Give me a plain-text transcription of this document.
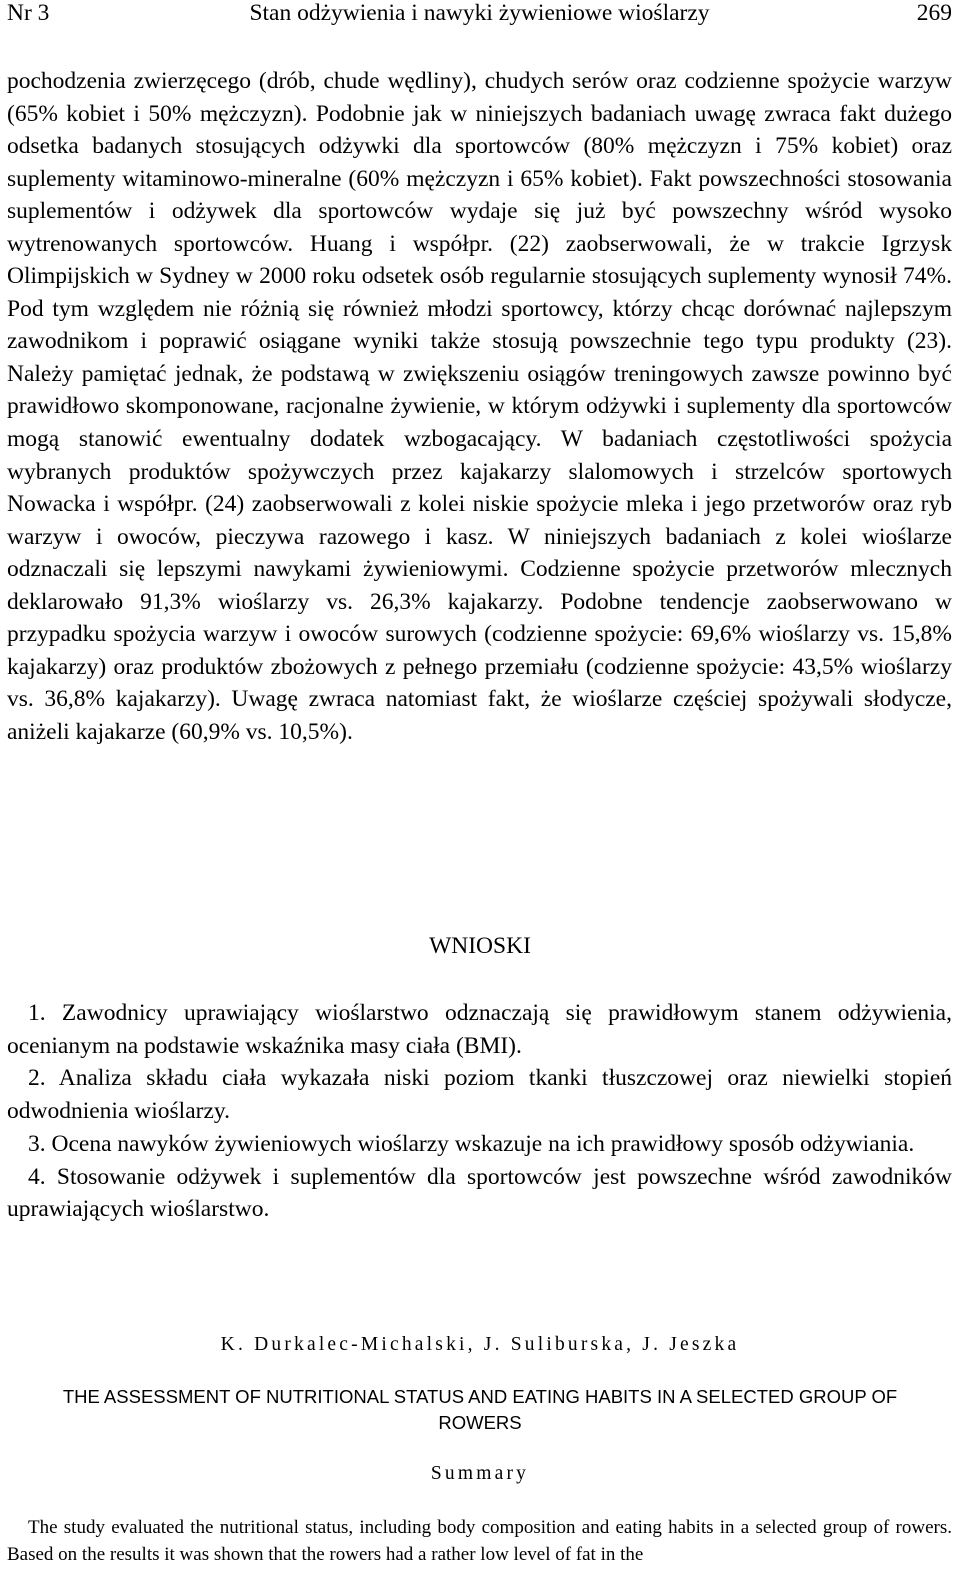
Nr 3	Stan odżywienia i nawyki żywieniowe wioślarzy	269

pochodzenia zwierzęcego (drób, chude wędliny), chudych serów oraz codzienne spożycie warzyw (65% kobiet i 50% mężczyzn). Podobnie jak w niniejszych badaniach uwagę zwraca fakt dużego odsetka badanych stosujących odżywki dla sportowców (80% mężczyzn i 75% kobiet) oraz suplementy witaminowo-mineralne (60% mężczyzn i 65% kobiet). Fakt powszechności stosowania suplementów i odżywek dla sportowców wydaje się już być powszechny wśród wysoko wytrenowanych sportowców. Huang i współpr. (22) zaobserwowali, że w trakcie Igrzysk Olimpijskich w Sydney w 2000 roku odsetek osób regularnie stosujących suplementy wynosił 74%. Pod tym względem nie różnią się również młodzi sportowcy, którzy chcąc dorównać najlepszym zawodnikom i poprawić osiągane wyniki także stosują powszechnie tego typu produkty (23). Należy pamiętać jednak, że podstawą w zwiększeniu osiągów treningowych zawsze powinno być prawidłowo skomponowane, racjonalne żywienie, w którym odżywki i suplementy dla sportowców mogą stanowić ewentualny dodatek wzbogacający. W badaniach częstotliwości spożycia wybranych produktów spożywczych przez kajakarzy slalomowych i strzelców sportowych Nowacka i współpr. (24) zaobserwowali z kolei niskie spożycie mleka i jego przetworów oraz ryb warzyw i owoców, pieczywa razowego i kasz. W niniejszych badaniach z kolei wioślarze odznaczali się lepszymi nawykami żywieniowymi. Codzienne spożycie przetworów mlecznych deklarowało 91,3% wioślarzy vs. 26,3% kajakarzy. Podobne tendencje zaobserwowano w przypadku spożycia warzyw i owoców surowych (codzienne spożycie: 69,6% wioślarzy vs. 15,8% kajakarzy) oraz produktów zbożowych z pełnego przemiału (codzienne spożycie: 43,5% wioślarzy vs. 36,8% kajakarzy). Uwagę zwraca natomiast fakt, że wioślarze częściej spożywali słodycze, aniżeli kajakarze (60,9% vs. 10,5%).

WNIOSKI
1. Zawodnicy uprawiający wioślarstwo odznaczają się prawidłowym stanem odżywienia, ocenianym na podstawie wskaźnika masy ciała (BMI).
2. Analiza składu ciała wykazała niski poziom tkanki tłuszczowej oraz niewielki stopień odwodnienia wioślarzy.
3. Ocena nawyków żywieniowych wioślarzy wskazuje na ich prawidłowy sposób odżywiania.
4. Stosowanie odżywek i suplementów dla sportowców jest powszechne wśród zawodników uprawiających wioślarstwo.
K. Durkalec-Michalski, J. Suliburska, J. Jeszka
THE ASSESSMENT OF NUTRITIONAL STATUS AND EATING HABITS IN A SELECTED GROUP OF ROWERS
Summary

The study evaluated the nutritional status, including body composition and eating habits in a selected group of rowers. Based on the results it was shown that the rowers had a rather low level of fat in the
